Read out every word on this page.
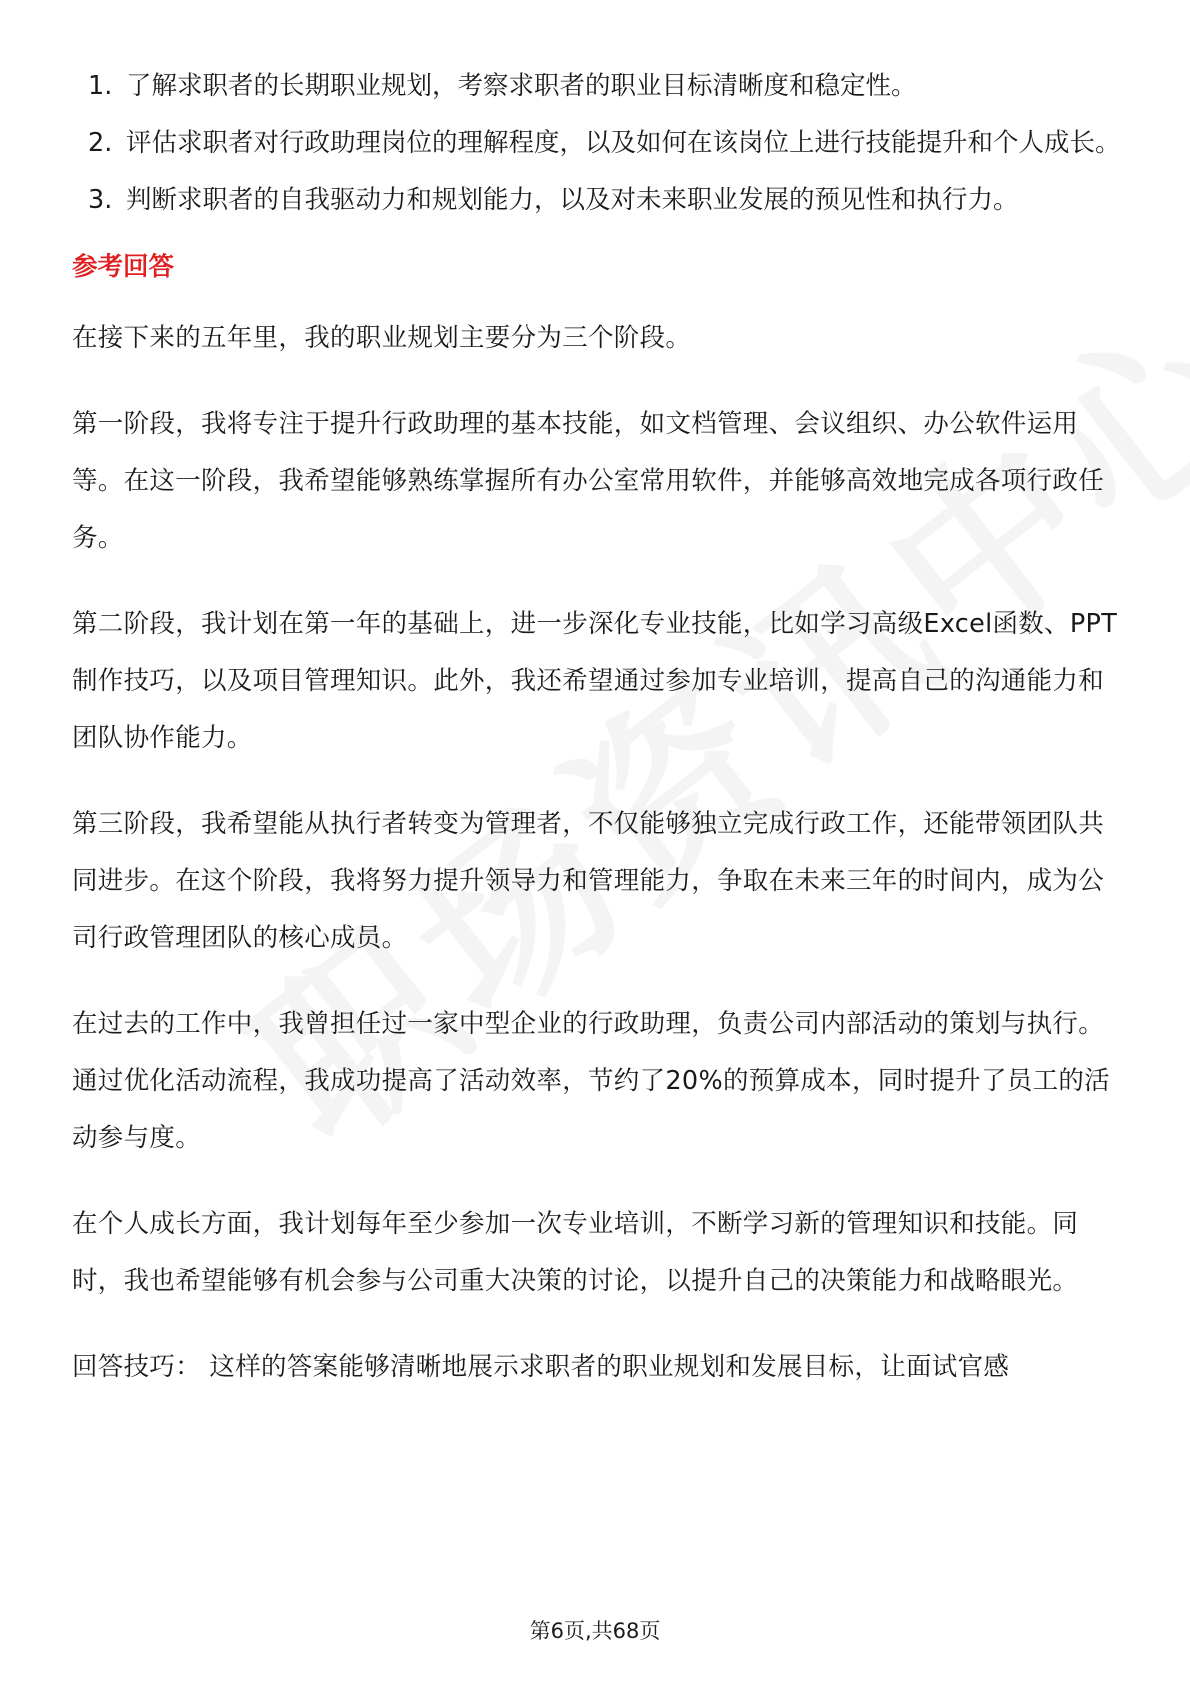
1. 了解求职者的长期职业规划，考察求职者的职业目标清晰度和稳定性。
2. 评估求职者对行政助理岗位的理解程度，以及如何在该岗位上进行技能提升和个人成长。
3. 判断求职者的自我驱动力和规划能力，以及对未来职业发展的预见性和执行力。
参考回答

在接下来的五年里，我的职业规划主要分为三个阶段。

第一阶段，我将专注于提升行政助理的基本技能，如文档管理、会议组织、办公软件运用等。在这一阶段，我希望能够熟练掌握所有办公室常用软件，并能够高效地完成各项行政任务。

第二阶段，我计划在第一年的基础上，进一步深化专业技能，比如学习高级Excel函数、PPT制作技巧，以及项目管理知识。此外，我还希望通过参加专业培训，提高自己的沟通能力和团队协作能力。

第三阶段，我希望能从执行者转变为管理者，不仅能够独立完成行政工作，还能带领团队共同进步。在这个阶段，我将努力提升领导力和管理能力，争取在未来三年的时间内，成为公司行政管理团队的核心成员。

在过去的工作中，我曾担任过一家中型企业的行政助理，负责公司内部活动的策划与执行。通过优化活动流程，我成功提高了活动效率，节约了20%的预算成本，同时提升了员工的活动参与度。

在个人成长方面，我计划每年至少参加一次专业培训，不断学习新的管理知识和技能。同时，我也希望能够有机会参与公司重大决策的讨论，以提升自己的决策能力和战略眼光。

回答技巧： 这样的答案能够清晰地展示求职者的职业规划和发展目标，让面试官感

第6页,共68页
